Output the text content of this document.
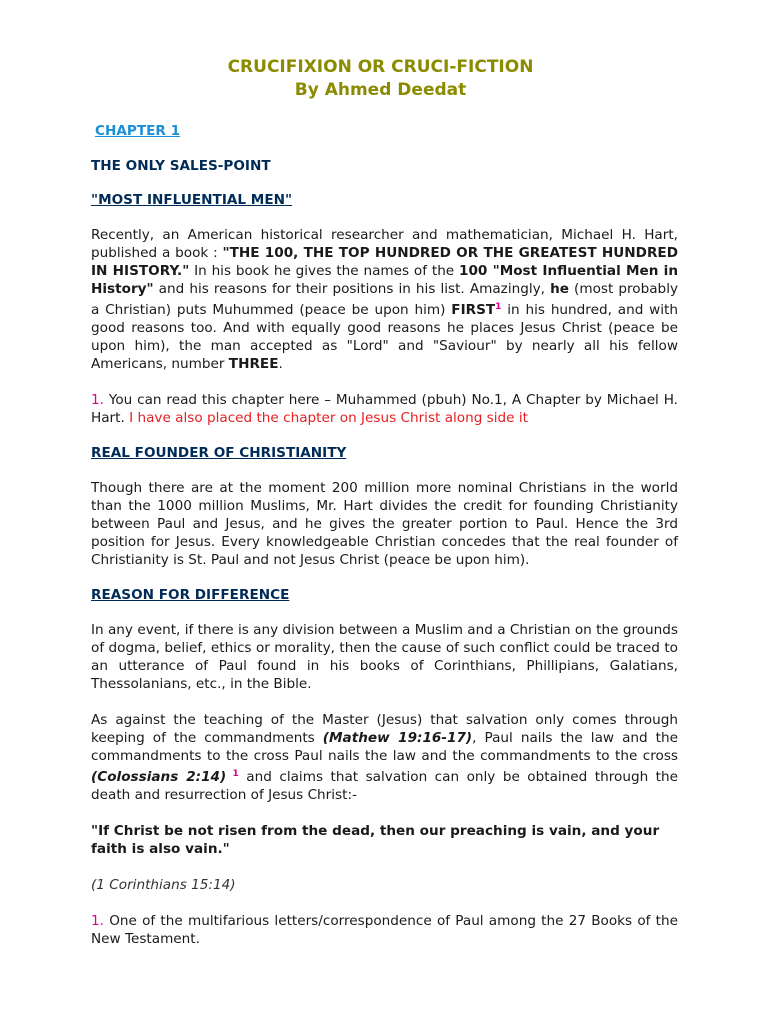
CRUCIFIXION OR CRUCI-FICTION
By Ahmed Deedat
CHAPTER 1
THE ONLY SALES-POINT
"MOST INFLUENTIAL MEN"

Recently, an American historical researcher and mathematician, Michael H. Hart, published a book : "THE 100, THE TOP HUNDRED OR THE GREATEST HUNDRED IN HISTORY." In his book he gives the names of the 100 "Most Influential Men in History" and his reasons for their positions in his list. Amazingly, he (most probably a Christian) puts Muhummed (peace be upon him) FIRST$^1$ in his hundred, and with good reasons too. And with equally good reasons he places Jesus Christ (peace be upon him), the man accepted as "Lord" and "Saviour" by nearly all his fellow Americans, number THREE.

1. You can read this chapter here – Muhammed (pbuh) No.1, A Chapter by Michael H. Hart. I have also placed the chapter on Jesus Christ along side it

REAL FOUNDER OF CHRISTIANITY

Though there are at the moment 200 million more nominal Christians in the world than the 1000 million Muslims, Mr. Hart divides the credit for founding Christianity between Paul and Jesus, and he gives the greater portion to Paul. Hence the 3rd position for Jesus. Every knowledgeable Christian concedes that the real founder of Christianity is St. Paul and not Jesus Christ (peace be upon him).

REASON FOR DIFFERENCE

In any event, if there is any division between a Muslim and a Christian on the grounds of dogma, belief, ethics or morality, then the cause of such conflict could be traced to an utterance of Paul found in his books of Corinthians, Phillipians, Galatians, Thessolanians, etc., in the Bible.

As against the teaching of the Master (Jesus) that salvation only comes through keeping of the commandments (Mathew 19:16-17), Paul nails the law and the commandments to the cross Paul nails the law and the commandments to the cross (Colossians 2:14) $^1$ and claims that salvation can only be obtained through the death and resurrection of Jesus Christ:-

"If Christ be not risen from the dead, then our preaching is vain, and your faith is also vain."

(1 Corinthians 15:14)

1. One of the multifarious letters/correspondence of Paul among the 27 Books of the New Testament.
